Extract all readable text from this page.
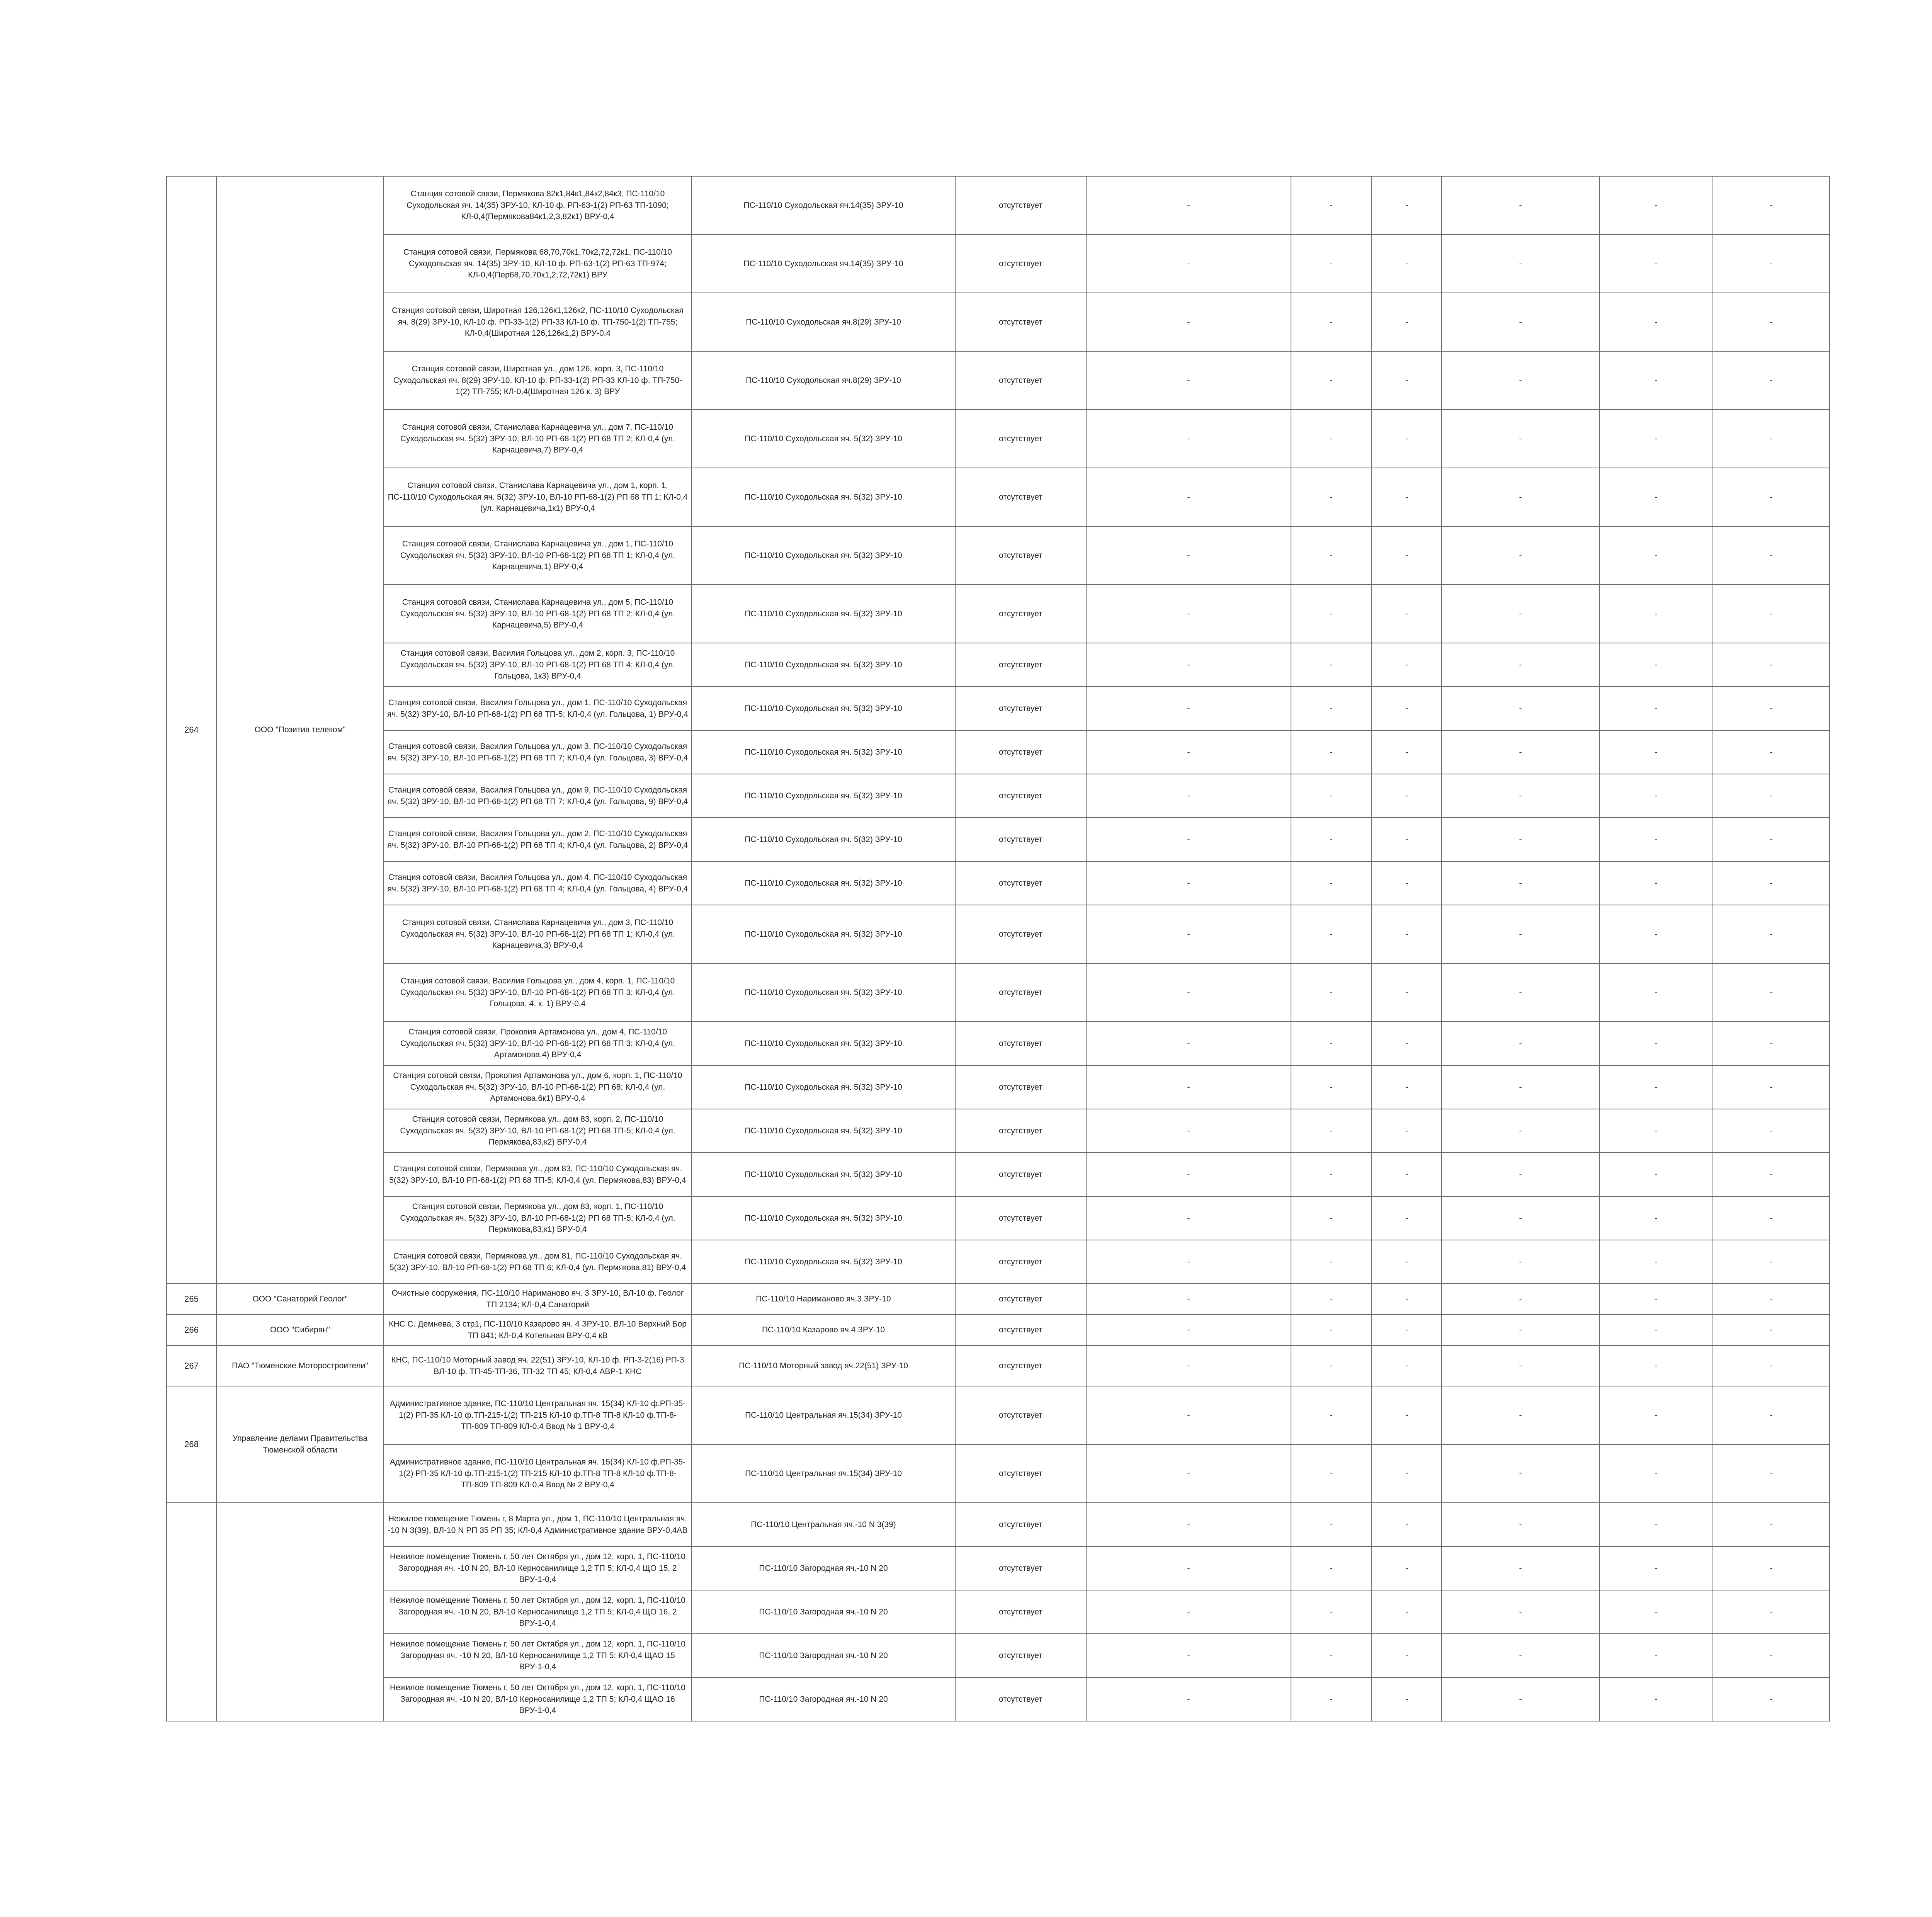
264	ООО "Позитив телеком"	Станция сотовой связи, Пермякова 82к1,84к1,84к2,84к3, ПС-110/10 Суходольская яч. 14(35) ЗРУ-10, КЛ-10 ф. РП-63-1(2) РП-63 ТП-1090; КЛ-0,4(Пермякова84к1,2,3,82к1) ВРУ-0,4	ПС-110/10 Суходольская яч.14(35) ЗРУ-10	отсутствует	-	-	-	-	-	-
		Станция сотовой связи, Пермякова 68,70,70к1,70к2,72,72к1, ПС-110/10 Суходольская яч. 14(35) ЗРУ-10, КЛ-10 ф. РП-63-1(2) РП-63 ТП-974; КЛ-0,4(Пер68,70,70к1,2,72,72к1) ВРУ	ПС-110/10 Суходольская яч.14(35) ЗРУ-10	отсутствует	-	-	-	-	-	-
		Станция сотовой связи, Широтная 126,126к1,126к2, ПС-110/10 Суходольская яч. 8(29) ЗРУ-10, КЛ-10 ф. РП-33-1(2) РП-33 КЛ-10 ф. ТП-750-1(2) ТП-755; КЛ-0,4(Широтная 126,126к1,2) ВРУ-0,4	ПС-110/10 Суходольская яч.8(29) ЗРУ-10	отсутствует	-	-	-	-	-	-
		Станция сотовой связи, Широтная ул., дом 126, корп. 3, ПС-110/10 Суходольская яч. 8(29) ЗРУ-10, КЛ-10 ф. РП-33-1(2) РП-33 КЛ-10 ф. ТП-750-1(2) ТП-755; КЛ-0,4(Широтная 126 к. 3) ВРУ	ПС-110/10 Суходольская яч.8(29) ЗРУ-10	отсутствует	-	-	-	-	-	-
		Станция сотовой связи, Станислава Карнацевича ул., дом 7, ПС-110/10 Суходольская яч. 5(32) ЗРУ-10, ВЛ-10 РП-68-1(2) РП 68 ТП 2; КЛ-0,4 (ул. Карнацевича,7) ВРУ-0,4	ПС-110/10 Суходольская яч. 5(32) ЗРУ-10	отсутствует	-	-	-	-	-	-
		Станция сотовой связи, Станислава Карнацевича ул., дом 1, корп. 1, ПС-110/10 Суходольская яч. 5(32) ЗРУ-10, ВЛ-10 РП-68-1(2) РП 68 ТП 1; КЛ-0,4 (ул. Карнацевича,1к1) ВРУ-0,4	ПС-110/10 Суходольская яч. 5(32) ЗРУ-10	отсутствует	-	-	-	-	-	-
		Станция сотовой связи, Станислава Карнацевича ул., дом 1, ПС-110/10 Суходольская яч. 5(32) ЗРУ-10, ВЛ-10 РП-68-1(2) РП 68 ТП 1; КЛ-0,4 (ул. Карнацевича,1) ВРУ-0,4	ПС-110/10 Суходольская яч. 5(32) ЗРУ-10	отсутствует	-	-	-	-	-	-
		Станция сотовой связи, Станислава Карнацевича ул., дом 5, ПС-110/10 Суходольская яч. 5(32) ЗРУ-10, ВЛ-10 РП-68-1(2) РП 68 ТП 2; КЛ-0,4 (ул. Карнацевича,5) ВРУ-0,4	ПС-110/10 Суходольская яч. 5(32) ЗРУ-10	отсутствует	-	-	-	-	-	-
		Станция сотовой связи, Василия Гольцова ул., дом 2, корп. 3, ПС-110/10 Суходольская яч. 5(32) ЗРУ-10, ВЛ-10 РП-68-1(2) РП 68 ТП 4; КЛ-0,4 (ул. Гольцова, 1к3) ВРУ-0,4	ПС-110/10 Суходольская яч. 5(32) ЗРУ-10	отсутствует	-	-	-	-	-	-
		Станция сотовой связи, Василия Гольцова ул., дом 1, ПС-110/10 Суходольская яч. 5(32) ЗРУ-10, ВЛ-10 РП-68-1(2) РП 68 ТП-5; КЛ-0,4 (ул. Гольцова, 1) ВРУ-0,4	ПС-110/10 Суходольская яч. 5(32) ЗРУ-10	отсутствует	-	-	-	-	-	-
		Станция сотовой связи, Василия Гольцова ул., дом 3, ПС-110/10 Суходольская яч. 5(32) ЗРУ-10, ВЛ-10 РП-68-1(2) РП 68 ТП 7; КЛ-0,4 (ул. Гольцова, 3) ВРУ-0,4	ПС-110/10 Суходольская яч. 5(32) ЗРУ-10	отсутствует	-	-	-	-	-	-
		Станция сотовой связи, Василия Гольцова ул., дом 9, ПС-110/10 Суходольская яч. 5(32) ЗРУ-10, ВЛ-10 РП-68-1(2) РП 68 ТП 7; КЛ-0,4 (ул. Гольцова, 9) ВРУ-0,4	ПС-110/10 Суходольская яч. 5(32) ЗРУ-10	отсутствует	-	-	-	-	-	-
		Станция сотовой связи, Василия Гольцова ул., дом 2, ПС-110/10 Суходольская яч. 5(32) ЗРУ-10, ВЛ-10 РП-68-1(2) РП 68 ТП 4; КЛ-0,4 (ул. Гольцова, 2) ВРУ-0,4	ПС-110/10 Суходольская яч. 5(32) ЗРУ-10	отсутствует	-	-	-	-	-	-
		Станция сотовой связи, Василия Гольцова ул., дом 4, ПС-110/10 Суходольская яч. 5(32) ЗРУ-10, ВЛ-10 РП-68-1(2) РП 68 ТП 4; КЛ-0,4 (ул. Гольцова, 4) ВРУ-0,4	ПС-110/10 Суходольская яч. 5(32) ЗРУ-10	отсутствует	-	-	-	-	-	-
		Станция сотовой связи, Станислава Карнацевича ул., дом 3, ПС-110/10 Суходольская яч. 5(32) ЗРУ-10, ВЛ-10 РП-68-1(2) РП 68 ТП 1; КЛ-0,4 (ул. Карнацевича,3) ВРУ-0,4	ПС-110/10 Суходольская яч. 5(32) ЗРУ-10	отсутствует	-	-	-	-	-	-
		Станция сотовой связи, Василия Гольцова ул., дом 4, корп. 1, ПС-110/10 Суходольская яч. 5(32) ЗРУ-10, ВЛ-10 РП-68-1(2) РП 68 ТП 3; КЛ-0,4 (ул. Гольцова, 4, к. 1) ВРУ-0,4	ПС-110/10 Суходольская яч. 5(32) ЗРУ-10	отсутствует	-	-	-	-	-	-
		Станция сотовой связи, Прокопия Артамонова ул., дом 4, ПС-110/10 Суходольская яч. 5(32) ЗРУ-10, ВЛ-10 РП-68-1(2) РП 68 ТП 3; КЛ-0,4 (ул. Артамонова,4) ВРУ-0,4	ПС-110/10 Суходольская яч. 5(32) ЗРУ-10	отсутствует	-	-	-	-	-	-
		Станция сотовой связи, Прокопия Артамонова ул., дом 6, корп. 1, ПС-110/10 Суходольская яч. 5(32) ЗРУ-10, ВЛ-10 РП-68-1(2) РП 68; КЛ-0,4 (ул. Артамонова,6к1) ВРУ-0,4	ПС-110/10 Суходольская яч. 5(32) ЗРУ-10	отсутствует	-	-	-	-	-	-
		Станция сотовой связи, Пермякова ул., дом 83, корп. 2, ПС-110/10 Суходольская яч. 5(32) ЗРУ-10, ВЛ-10 РП-68-1(2) РП 68 ТП-5; КЛ-0,4 (ул. Пермякова,83,к2) ВРУ-0,4	ПС-110/10 Суходольская яч. 5(32) ЗРУ-10	отсутствует	-	-	-	-	-	-
		Станция сотовой связи, Пермякова ул., дом 83, ПС-110/10 Суходольская яч. 5(32) ЗРУ-10, ВЛ-10 РП-68-1(2) РП 68 ТП-5; КЛ-0,4 (ул. Пермякова,83) ВРУ-0,4	ПС-110/10 Суходольская яч. 5(32) ЗРУ-10	отсутствует	-	-	-	-	-	-
		Станция сотовой связи, Пермякова ул., дом 83, корп. 1, ПС-110/10 Суходольская яч. 5(32) ЗРУ-10, ВЛ-10 РП-68-1(2) РП 68 ТП-5; КЛ-0,4 (ул. Пермякова,83,к1) ВРУ-0,4	ПС-110/10 Суходольская яч. 5(32) ЗРУ-10	отсутствует	-	-	-	-	-	-
		Станция сотовой связи, Пермякова ул., дом 81, ПС-110/10 Суходольская яч. 5(32) ЗРУ-10, ВЛ-10 РП-68-1(2) РП 68 ТП 6; КЛ-0,4 (ул. Пермякова,81) ВРУ-0,4	ПС-110/10 Суходольская яч. 5(32) ЗРУ-10	отсутствует	-	-	-	-	-	-
265	ООО "Санаторий Геолог"	Очистные сооружения, ПС-110/10 Нариманово яч. 3 ЗРУ-10, ВЛ-10 ф. Геолог ТП 2134; КЛ-0,4 Санаторий	ПС-110/10 Нариманово яч.3 ЗРУ-10	отсутствует	-	-	-	-	-	-
266	ООО "Сибирян"	КНС С. Демнева, 3 стр1, ПС-110/10 Казарово яч. 4 ЗРУ-10, ВЛ-10 Верхний Бор ТП 841; КЛ-0,4 Котельная ВРУ-0,4 кВ	ПС-110/10 Казарово яч.4 ЗРУ-10	отсутствует	-	-	-	-	-	-
267	ПАО "Тюменские Моторостроители"	КНС, ПС-110/10 Моторный завод яч. 22(51) ЗРУ-10, КЛ-10 ф. РП-3-2(16) РП-3 ВЛ-10 ф. ТП-45-ТП-36, ТП-32 ТП 45; КЛ-0,4 АВР-1 КНС	ПС-110/10 Моторный завод яч.22(51) ЗРУ-10	отсутствует	-	-	-	-	-	-
268	Управление делами Правительства Тюменской области	Административное здание, ПС-110/10 Центральная яч. 15(34) КЛ-10 ф.РП-35-1(2) РП-35 КЛ-10 ф.ТП-215-1(2) ТП-215 КЛ-10 ф.ТП-8 ТП-8 КЛ-10 ф.ТП-8-ТП-809 ТП-809 КЛ-0,4 Ввод № 1 ВРУ-0,4	ПС-110/10 Центральная яч.15(34) ЗРУ-10	отсутствует	-	-	-	-	-	-
		Административное здание, ПС-110/10 Центральная яч. 15(34) КЛ-10 ф.РП-35-1(2) РП-35 КЛ-10 ф.ТП-215-1(2) ТП-215 КЛ-10 ф.ТП-8 ТП-8 КЛ-10 ф.ТП-8-ТП-809 ТП-809 КЛ-0,4 Ввод № 2 ВРУ-0,4	ПС-110/10 Центральная яч.15(34) ЗРУ-10	отсутствует	-	-	-	-	-	-
		Нежилое помещение Тюмень г, 8 Марта ул., дом 1, ПС-110/10 Центральная яч. -10 N 3(39), ВЛ-10 N РП 35 РП 35; КЛ-0,4 Административное здание ВРУ-0,4АВ	ПС-110/10 Центральная яч.-10 N 3(39)	отсутствует	-	-	-	-	-	-
		Нежилое помещение Тюмень г, 50 лет Октября ул., дом 12, корп. 1, ПС-110/10 Загородная яч. -10 N 20, ВЛ-10 Керносанилище 1,2 ТП 5; КЛ-0,4 ЩО 15, 2 ВРУ-1-0,4	ПС-110/10 Загородная яч.-10 N 20	отсутствует	-	-	-	-	-	-
		Нежилое помещение Тюмень г, 50 лет Октября ул., дом 12, корп. 1, ПС-110/10 Загородная яч. -10 N 20, ВЛ-10 Керносанилище 1,2 ТП 5; КЛ-0,4 ЩО 16, 2 ВРУ-1-0,4	ПС-110/10 Загородная яч.-10 N 20	отсутствует	-	-	-	-	-	-
		Нежилое помещение Тюмень г, 50 лет Октября ул., дом 12, корп. 1, ПС-110/10 Загородная яч. -10 N 20, ВЛ-10 Керносанилище 1,2 ТП 5; КЛ-0,4 ЩАО 15 ВРУ-1-0,4	ПС-110/10 Загородная яч.-10 N 20	отсутствует	-	-	-	-	-	-
		Нежилое помещение Тюмень г, 50 лет Октября ул., дом 12, корп. 1, ПС-110/10 Загородная яч. -10 N 20, ВЛ-10 Керносанилище 1,2 ТП 5; КЛ-0,4 ЩАО 16 ВРУ-1-0,4	ПС-110/10 Загородная яч.-10 N 20	отсутствует	-	-	-	-	-	-
